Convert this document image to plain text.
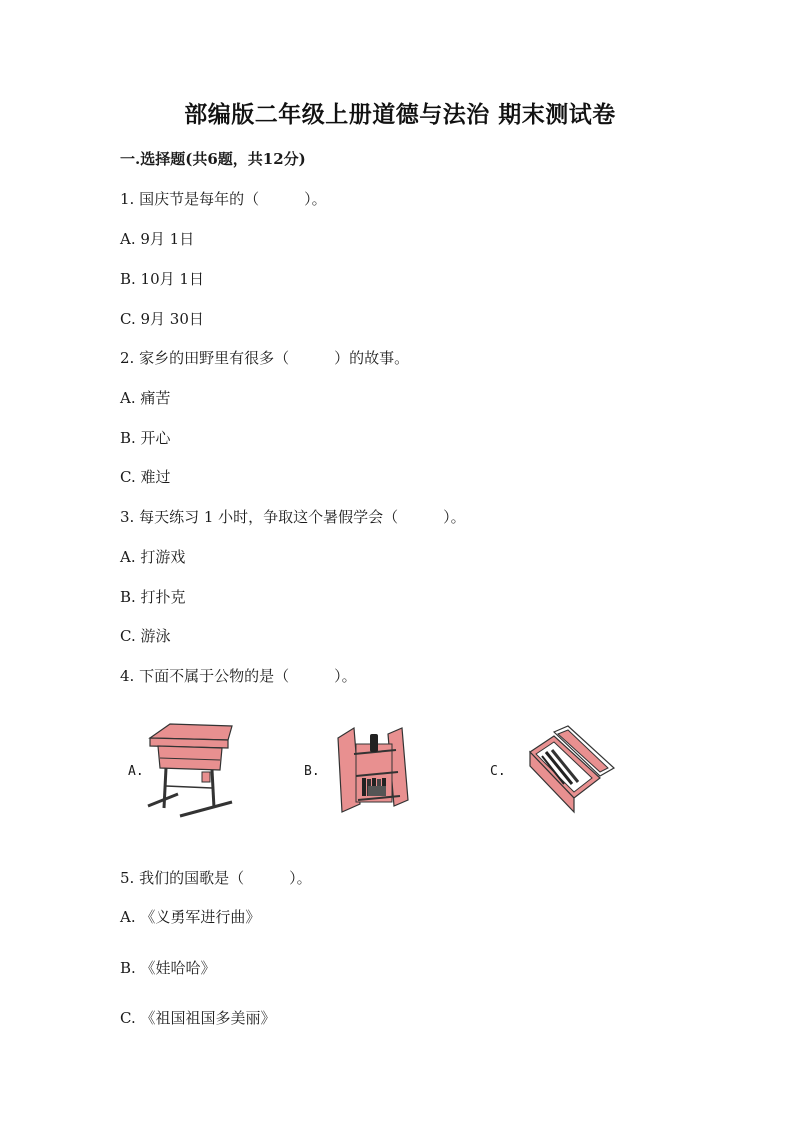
部编版二年级上册道德与法治 期末测试卷
一.选择题(共6题，共12分)
1. 国庆节是每年的（　　　）。
A. 9月 1日
B. 10月 1日
C. 9月 30日
2. 家乡的田野里有很多（　　　）的故事。
A. 痛苦
B. 开心
C. 难过
3. 每天练习 1 小时，争取这个暑假学会（　　　）。
A. 打游戏
B. 打扑克
C. 游泳
4. 下面不属于公物的是（　　　）。
A.	B.	C.
5. 我们的国歌是（　　　）。
A. 《义勇军进行曲》
B. 《娃哈哈》
C. 《祖国祖国多美丽》
